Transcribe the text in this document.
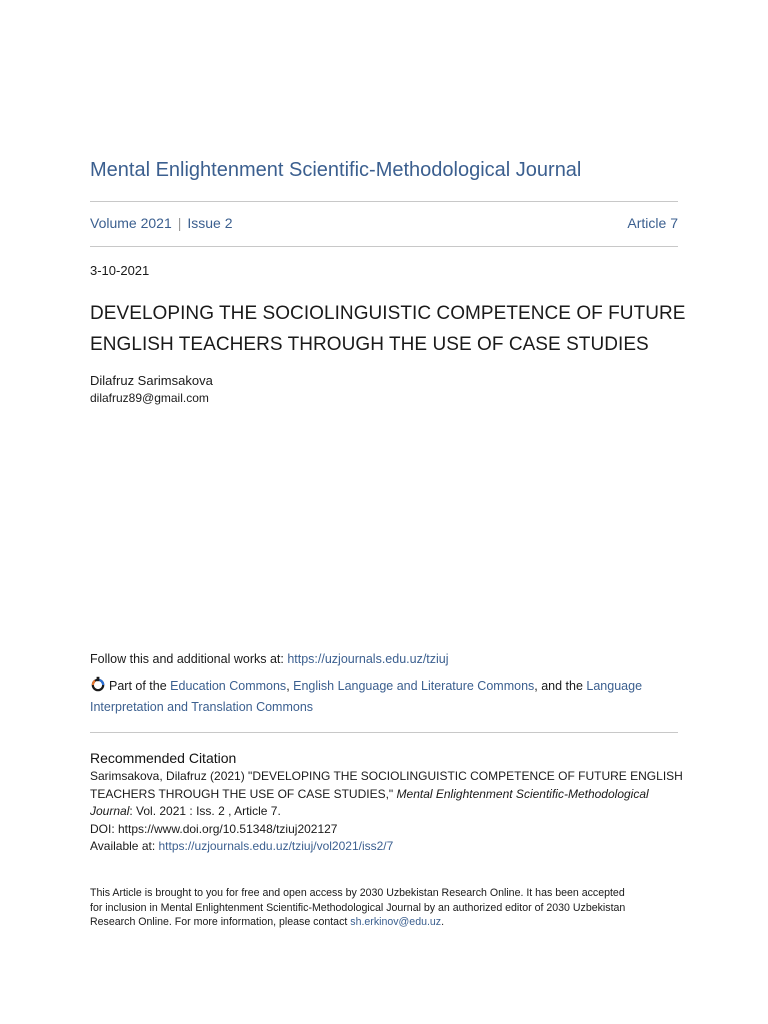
Mental Enlightenment Scientific-Methodological Journal
Volume 2021 | Issue 2	Article 7
3-10-2021
DEVELOPING THE SOCIOLINGUISTIC COMPETENCE OF FUTURE
ENGLISH TEACHERS THROUGH THE USE OF CASE STUDIES
Dilafruz Sarimsakova
dilafruz89@gmail.com
Follow this and additional works at: https://uzjournals.edu.uz/tziuj
Part of the Education Commons, English Language and Literature Commons, and the Language
Interpretation and Translation Commons
Recommended Citation
Sarimsakova, Dilafruz (2021) "DEVELOPING THE SOCIOLINGUISTIC COMPETENCE OF FUTURE ENGLISH
TEACHERS THROUGH THE USE OF CASE STUDIES," Mental Enlightenment Scientific-Methodological
Journal: Vol. 2021 : Iss. 2 , Article 7.
DOI: https://www.doi.org/10.51348/tziuj202127
Available at: https://uzjournals.edu.uz/tziuj/vol2021/iss2/7
This Article is brought to you for free and open access by 2030 Uzbekistan Research Online. It has been accepted
for inclusion in Mental Enlightenment Scientific-Methodological Journal by an authorized editor of 2030 Uzbekistan
Research Online. For more information, please contact sh.erkinov@edu.uz.
